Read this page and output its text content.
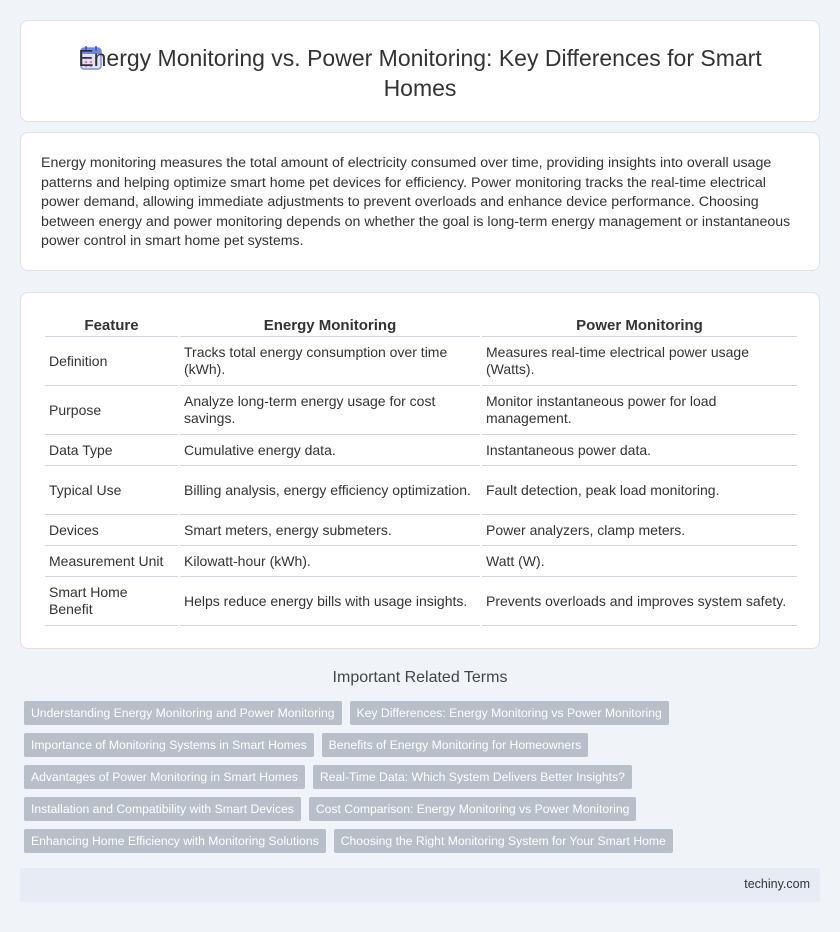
Energy Monitoring vs. Power Monitoring: Key Differences for Smart Homes

Energy monitoring measures the total amount of electricity consumed over time, providing insights into overall usage patterns and helping optimize smart home pet devices for efficiency. Power monitoring tracks the real-time electrical power demand, allowing immediate adjustments to prevent overloads and enhance device performance. Choosing between energy and power monitoring depends on whether the goal is long-term energy management or instantaneous power control in smart home pet systems.

Feature	Energy Monitoring	Power Monitoring
Definition	Tracks total energy consumption over time (kWh).	Measures real-time electrical power usage (Watts).
Purpose	Analyze long-term energy usage for cost savings.	Monitor instantaneous power for load management.
Data Type	Cumulative energy data.	Instantaneous power data.
Typical Use	Billing analysis, energy efficiency optimization.	Fault detection, peak load monitoring.
Devices	Smart meters, energy submeters.	Power analyzers, clamp meters.
Measurement Unit	Kilowatt-hour (kWh).	Watt (W).
Smart Home Benefit	Helps reduce energy bills with usage insights.	Prevents overloads and improves system safety.
Important Related Terms
Understanding Energy Monitoring and Power Monitoring	Key Differences: Energy Monitoring vs Power Monitoring
Importance of Monitoring Systems in Smart Homes	Benefits of Energy Monitoring for Homeowners
Advantages of Power Monitoring in Smart Homes	Real-Time Data: Which System Delivers Better Insights?
Installation and Compatibility with Smart Devices	Cost Comparison: Energy Monitoring vs Power Monitoring
Enhancing Home Efficiency with Monitoring Solutions	Choosing the Right Monitoring System for Your Smart Home
techiny.com
